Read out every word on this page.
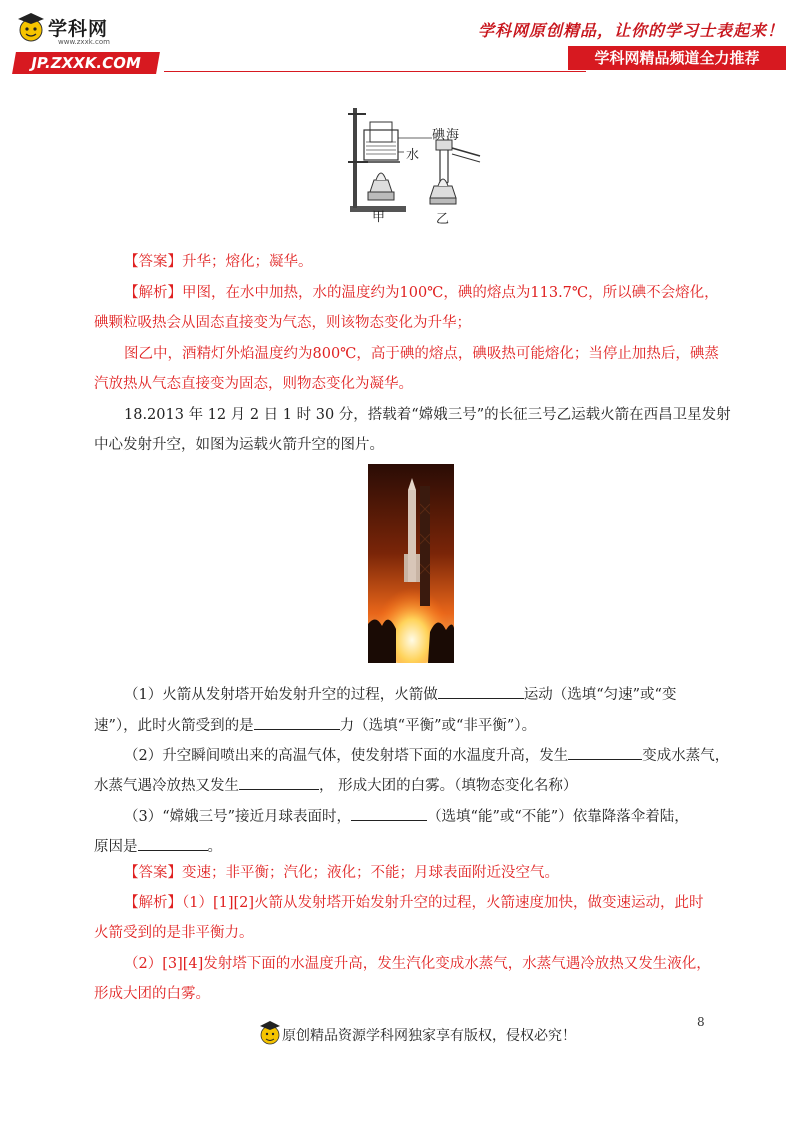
学科网
www.zxxk.com
JP.ZXXK.COM
学科网原创精品，让你的学习士表起来！
学科网精品频道全力推荐
碘 海
水
甲	乙
【答案】升华；熔化；凝华。
【解析】甲图，在水中加热，水的温度约为100℃，碘的熔点为113.7℃，所以碘不会熔化，
碘颗粒吸热会从固态直接变为气态，则该物态变化为升华；
图乙中，酒精灯外焰温度约为800℃，高于碘的熔点，碘吸热可能熔化；当停止加热后，碘蒸
汽放热从气态直接变为固态，则物态变化为凝华。
18.2013 年 12 月 2 日 1 时 30 分，搭载着“嫦娥三号”的长征三号乙运载火箭在西昌卫星发射
中心发射升空，如图为运载火箭升空的图片。
（1）火箭从发射塔开始发射升空的过程，火箭做	运动（选填“匀速”或“变
速”），此时火箭受到的是	力（选填“平衡”或“非平衡”）。
（2）升空瞬间喷出来的高温气体，使发射塔下面的水温度升高，发生	变成水蒸气，
水蒸气遇冷放热又发生	， 形成大团的白雾。（填物态变化名称）
（3）“嫦娥三号”接近月球表面时，	（选填“能”或“不能”）依靠降落伞着陆，
原因是	。
【答案】变速；非平衡；汽化；液化；不能；月球表面附近没空气。
【解析】（1）[1][2]火箭从发射塔开始发射升空的过程，火箭速度加快，做变速运动，此时
火箭受到的是非平衡力。
（2）[3][4]发射塔下面的水温度升高，发生汽化变成水蒸气，水蒸气遇冷放热又发生液化，
形成大团的白雾。
8
原创精品资源学科网独家享有版权，侵权必究！
